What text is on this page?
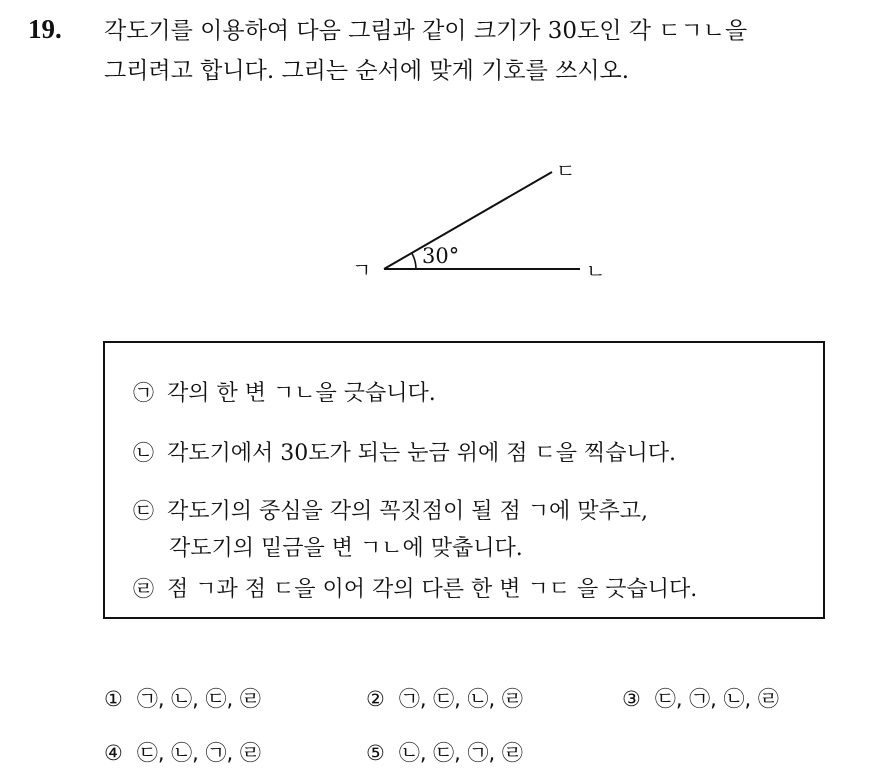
19. 각도기를 이용하여 다음 그림과 같이 크기가 30도인 각 ㄷㄱㄴ을
그리려고 합니다. 그리는 순서에 맞게 기호를 쓰시오.
ㄱ	ㄴ
ㄷ
30°
㉠ 각의 한 변 ㄱㄴ을 긋습니다.
㉡ 각도기에서 30도가 되는 눈금 위에 점 ㄷ을 찍습니다.
㉢ 각도기의 중심을 각의 꼭짓점이 될 점 ㄱ에 맞추고,
각도기의 밑금을 변 ㄱㄴ에 맞춥니다.
㉣ 점 ㄱ과 점 ㄷ을 이어 각의 다른 한 변 ㄱㄷ 을 긋습니다.
① ㉠, ㉡, ㉢, ㉣	② ㉠, ㉢, ㉡, ㉣	③ ㉢, ㉠, ㉡, ㉣
④ ㉢, ㉡, ㉠, ㉣	⑤ ㉡, ㉢, ㉠, ㉣
